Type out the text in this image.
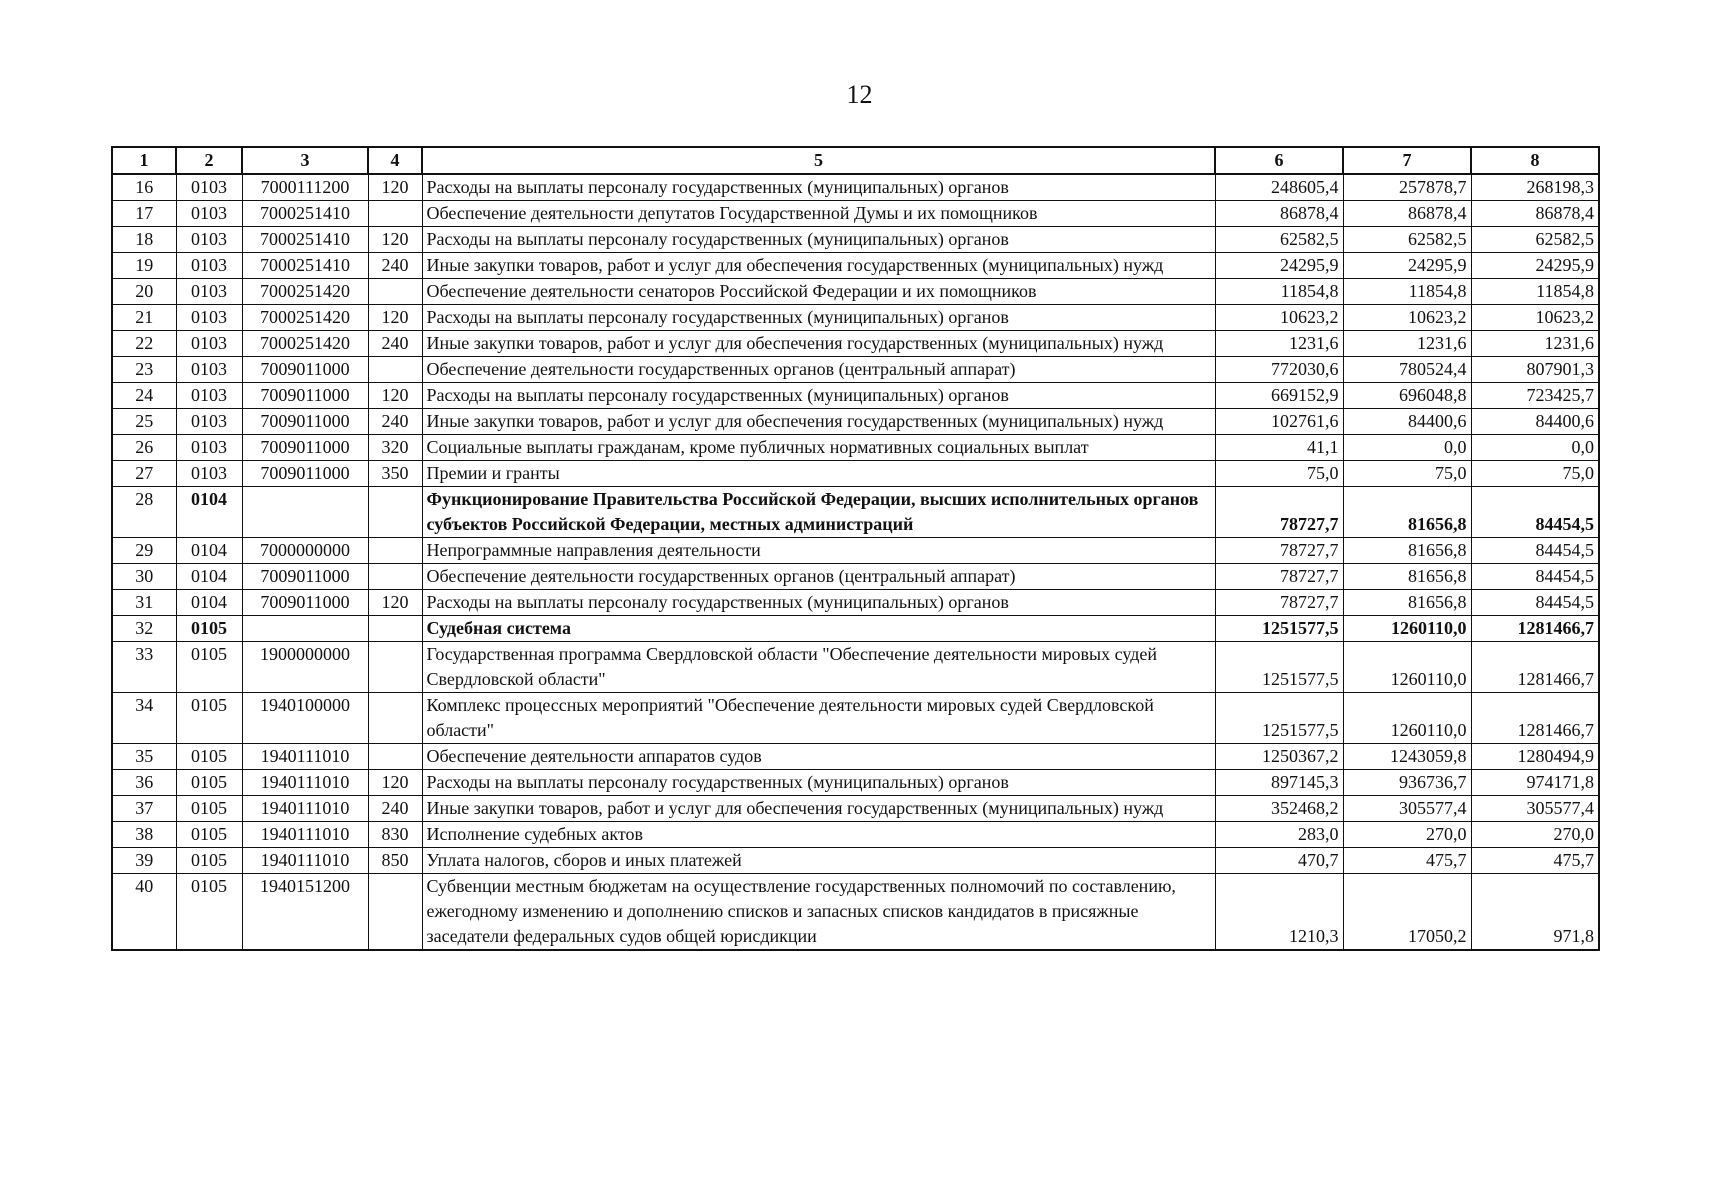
12
1	2	3	4	5	6	7	8
16	0103	7000111200	120	Расходы на выплаты персоналу государственных (муниципальных) органов	248605,4	257878,7	268198,3
17	0103	7000251410		Обеспечение деятельности депутатов Государственной Думы и их помощников	86878,4	86878,4	86878,4
18	0103	7000251410	120	Расходы на выплаты персоналу государственных (муниципальных) органов	62582,5	62582,5	62582,5
19	0103	7000251410	240	Иные закупки товаров, работ и услуг для обеспечения государственных (муниципальных) нужд	24295,9	24295,9	24295,9
20	0103	7000251420		Обеспечение деятельности сенаторов Российской Федерации и их помощников	11854,8	11854,8	11854,8
21	0103	7000251420	120	Расходы на выплаты персоналу государственных (муниципальных) органов	10623,2	10623,2	10623,2
22	0103	7000251420	240	Иные закупки товаров, работ и услуг для обеспечения государственных (муниципальных) нужд	1231,6	1231,6	1231,6
23	0103	7009011000		Обеспечение деятельности государственных органов (центральный аппарат)	772030,6	780524,4	807901,3
24	0103	7009011000	120	Расходы на выплаты персоналу государственных (муниципальных) органов	669152,9	696048,8	723425,7
25	0103	7009011000	240	Иные закупки товаров, работ и услуг для обеспечения государственных (муниципальных) нужд	102761,6	84400,6	84400,6
26	0103	7009011000	320	Социальные выплаты гражданам, кроме публичных нормативных социальных выплат	41,1	0,0	0,0
27	0103	7009011000	350	Премии и гранты	75,0	75,0	75,0
28	0104			Функционирование Правительства Российской Федерации, высших исполнительных органов субъектов Российской Федерации, местных администраций	78727,7	81656,8	84454,5
29	0104	7000000000		Непрограммные направления деятельности	78727,7	81656,8	84454,5
30	0104	7009011000		Обеспечение деятельности государственных органов (центральный аппарат)	78727,7	81656,8	84454,5
31	0104	7009011000	120	Расходы на выплаты персоналу государственных (муниципальных) органов	78727,7	81656,8	84454,5
32	0105			Судебная система	1251577,5	1260110,0	1281466,7
33	0105	1900000000		Государственная программа Свердловской области "Обеспечение деятельности мировых судей Свердловской области"	1251577,5	1260110,0	1281466,7
34	0105	1940100000		Комплекс процессных мероприятий "Обеспечение деятельности мировых судей Свердловской области"	1251577,5	1260110,0	1281466,7
35	0105	1940111010		Обеспечение деятельности аппаратов судов	1250367,2	1243059,8	1280494,9
36	0105	1940111010	120	Расходы на выплаты персоналу государственных (муниципальных) органов	897145,3	936736,7	974171,8
37	0105	1940111010	240	Иные закупки товаров, работ и услуг для обеспечения государственных (муниципальных) нужд	352468,2	305577,4	305577,4
38	0105	1940111010	830	Исполнение судебных актов	283,0	270,0	270,0
39	0105	1940111010	850	Уплата налогов, сборов и иных платежей	470,7	475,7	475,7
40	0105	1940151200		Субвенции местным бюджетам на осуществление государственных полномочий по составлению, ежегодному изменению и дополнению списков и запасных списков кандидатов в присяжные заседатели федеральных судов общей юрисдикции	1210,3	17050,2	971,8
